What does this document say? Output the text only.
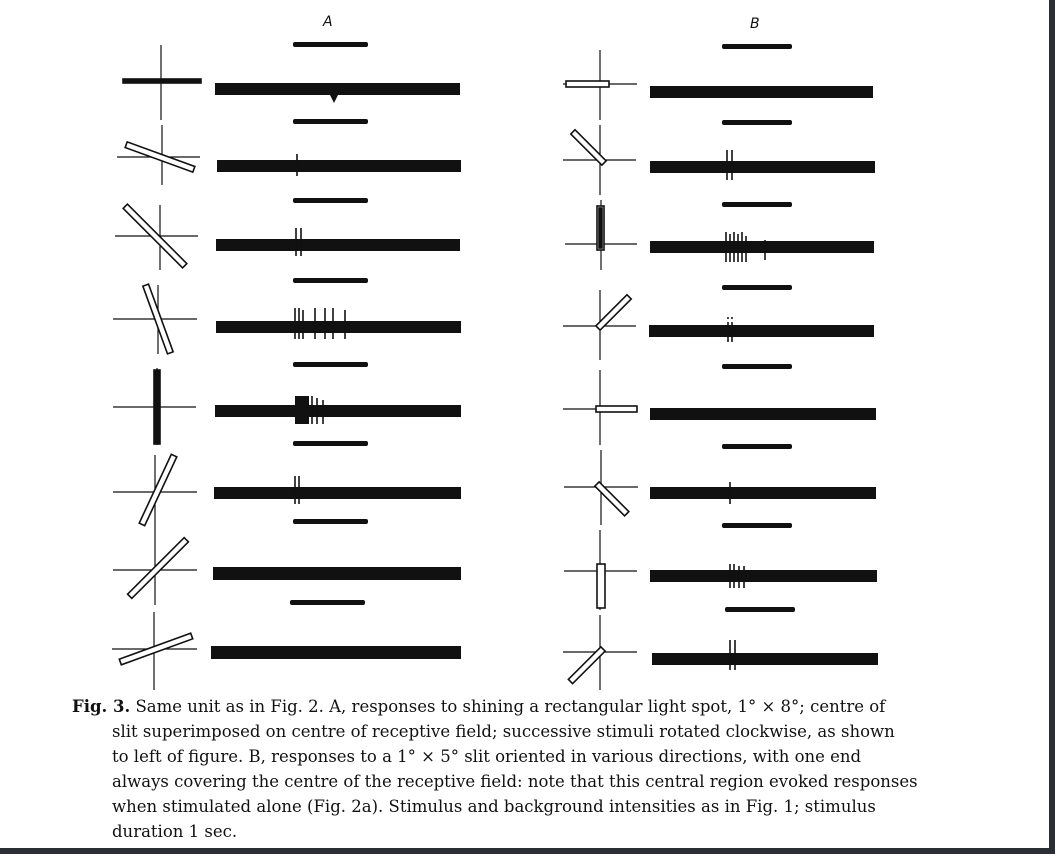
A	B
Fig. 3. Same unit as in Fig. 2. A, responses to shining a rectangular light spot, 1° × 8°; centre of
slit superimposed on centre of receptive field; successive stimuli rotated clockwise, as shown
to left of figure. B, responses to a 1° × 5° slit oriented in various directions, with one end
always covering the centre of the receptive field: note that this central region evoked responses
when stimulated alone (Fig. 2a). Stimulus and background intensities as in Fig. 1; stimulus
duration 1 sec.
